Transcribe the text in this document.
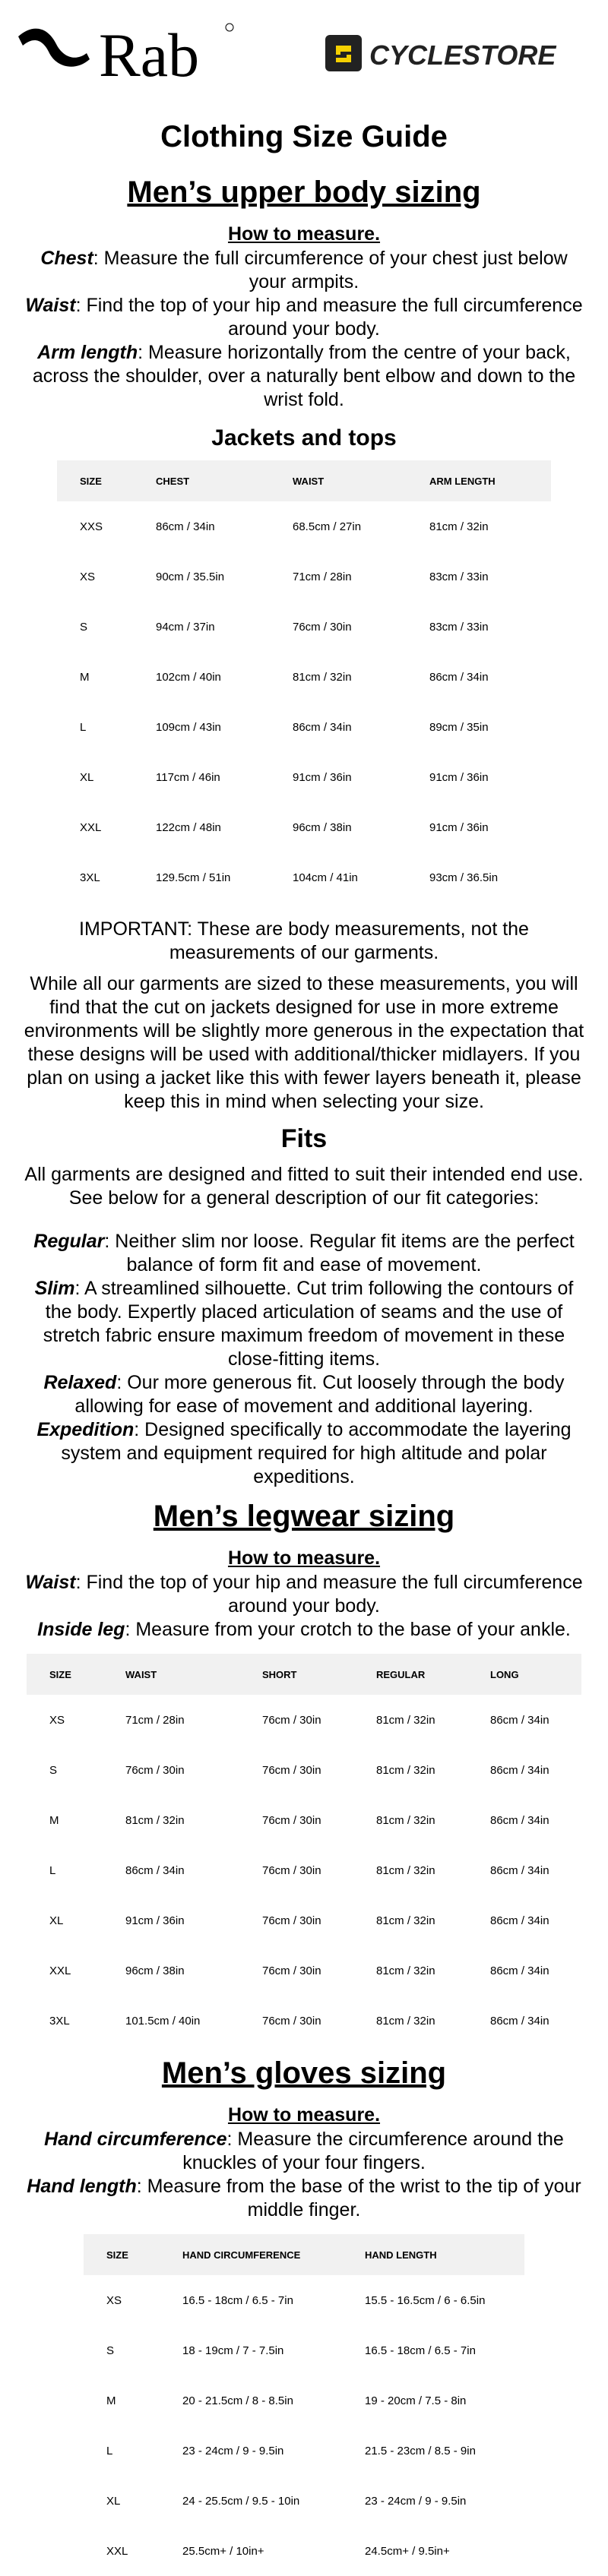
Rab	CYCLESTORE
Clothing Size Guide
Men’s upper body sizing
How to measure.
Chest: Measure the full circumference of your chest just below your armpits.
Waist: Find the top of your hip and measure the full circumference around your body.
Arm length: Measure horizontally from the centre of your back, across the shoulder, over a naturally bent elbow and down to the wrist fold.
Jackets and tops
SIZE	CHEST	WAIST	ARM LENGTH
XXS	86cm / 34in	68.5cm / 27in	81cm / 32in
XS	90cm / 35.5in	71cm / 28in	83cm / 33in
S	94cm / 37in	76cm / 30in	83cm / 33in
M	102cm / 40in	81cm / 32in	86cm / 34in
L	109cm / 43in	86cm / 34in	89cm / 35in
XL	117cm / 46in	91cm / 36in	91cm / 36in
XXL	122cm / 48in	96cm / 38in	91cm / 36in
3XL	129.5cm / 51in	104cm / 41in	93cm / 36.5in
IMPORTANT: These are body measurements, not the measurements of our garments.
While all our garments are sized to these measurements, you will find that the cut on jackets designed for use in more extreme environments will be slightly more generous in the expectation that these designs will be used with additional/thicker midlayers. If you plan on using a jacket like this with fewer layers beneath it, please keep this in mind when selecting your size.
Fits
All garments are designed and fitted to suit their intended end use. See below for a general description of our fit categories:
Regular: Neither slim nor loose. Regular fit items are the perfect balance of form fit and ease of movement.
Slim: A streamlined silhouette. Cut trim following the contours of the body. Expertly placed articulation of seams and the use of stretch fabric ensure maximum freedom of movement in these close-fitting items.
Relaxed: Our more generous fit. Cut loosely through the body allowing for ease of movement and additional layering.
Expedition: Designed specifically to accommodate the layering system and equipment required for high altitude and polar expeditions.
Men’s legwear sizing
How to measure.
Waist: Find the top of your hip and measure the full circumference around your body.
Inside leg: Measure from your crotch to the base of your ankle.
SIZE	WAIST	SHORT	REGULAR	LONG
XS	71cm / 28in	76cm / 30in	81cm / 32in	86cm / 34in
S	76cm / 30in	76cm / 30in	81cm / 32in	86cm / 34in
M	81cm / 32in	76cm / 30in	81cm / 32in	86cm / 34in
L	86cm / 34in	76cm / 30in	81cm / 32in	86cm / 34in
XL	91cm / 36in	76cm / 30in	81cm / 32in	86cm / 34in
XXL	96cm / 38in	76cm / 30in	81cm / 32in	86cm / 34in
3XL	101.5cm / 40in	76cm / 30in	81cm / 32in	86cm / 34in
Men’s gloves sizing
How to measure.
Hand circumference: Measure the circumference around the knuckles of your four fingers.
Hand length: Measure from the base of the wrist to the tip of your middle finger.
SIZE	HAND CIRCUMFERENCE	HAND LENGTH
XS	16.5 - 18cm / 6.5 - 7in	15.5 - 16.5cm / 6 - 6.5in
S	18 - 19cm / 7 - 7.5in	16.5 - 18cm / 6.5 - 7in
M	20 - 21.5cm / 8 - 8.5in	19 - 20cm / 7.5 - 8in
L	23 - 24cm / 9 - 9.5in	21.5 - 23cm / 8.5 - 9in
XL	24 - 25.5cm / 9.5 - 10in	23 - 24cm / 9 - 9.5in
XXL	25.5cm+ / 10in+	24.5cm+ / 9.5in+
